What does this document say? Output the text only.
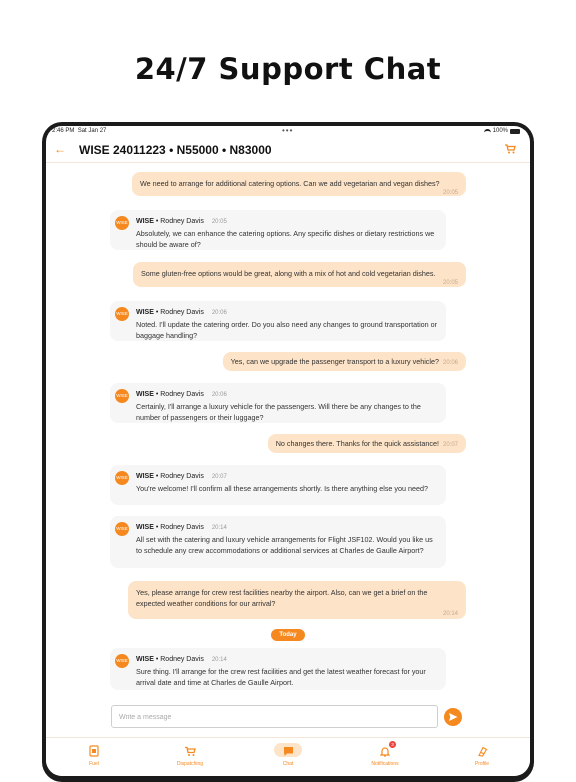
24/7 Support Chat
2:46 PM Sat Jan 27	•••	100%
← WISE 24011223 • N55000 • N83000
We need to arrange for additional catering options. Can we add vegetarian and vegan dishes?
20:05
WISE • Rodney Davis 20:05
Absolutely, we can enhance the catering options. Any specific dishes or dietary restrictions we should be aware of?
WISE
Some gluten-free options would be great, along with a mix of hot and cold vegetarian dishes.
20:05
WISE • Rodney Davis 20:06
Noted. I'll update the catering order. Do you also need any changes to ground transportation or baggage handling?
WISE
Yes, can we upgrade the passenger transport to a luxury vehicle? 20:06
WISE • Rodney Davis 20:06
Certainly, I'll arrange a luxury vehicle for the passengers. Will there be any changes to the number of passengers or their luggage?
WISE
No changes there. Thanks for the quick assistance! 20:07
WISE • Rodney Davis 20:07
You're welcome! I'll confirm all these arrangements shortly. Is there anything else you need?
WISE
WISE • Rodney Davis 20:14
All set with the catering and luxury vehicle arrangements for Flight JSF102. Would you like us to schedule any crew accommodations or additional services at Charles de Gaulle Airport?
WISE
Yes, please arrange for crew rest facilities nearby the airport. Also, can we get a brief on the expected weather conditions for our arrival?
20:14
Today
WISE • Rodney Davis 20:14
Sure thing. I'll arrange for the crew rest facilities and get the latest weather forecast for your arrival date and time at Charles de Gaulle Airport.
WISE
Write a message
Fuel	Dispatching	Chat
3
Notifications	Profile
